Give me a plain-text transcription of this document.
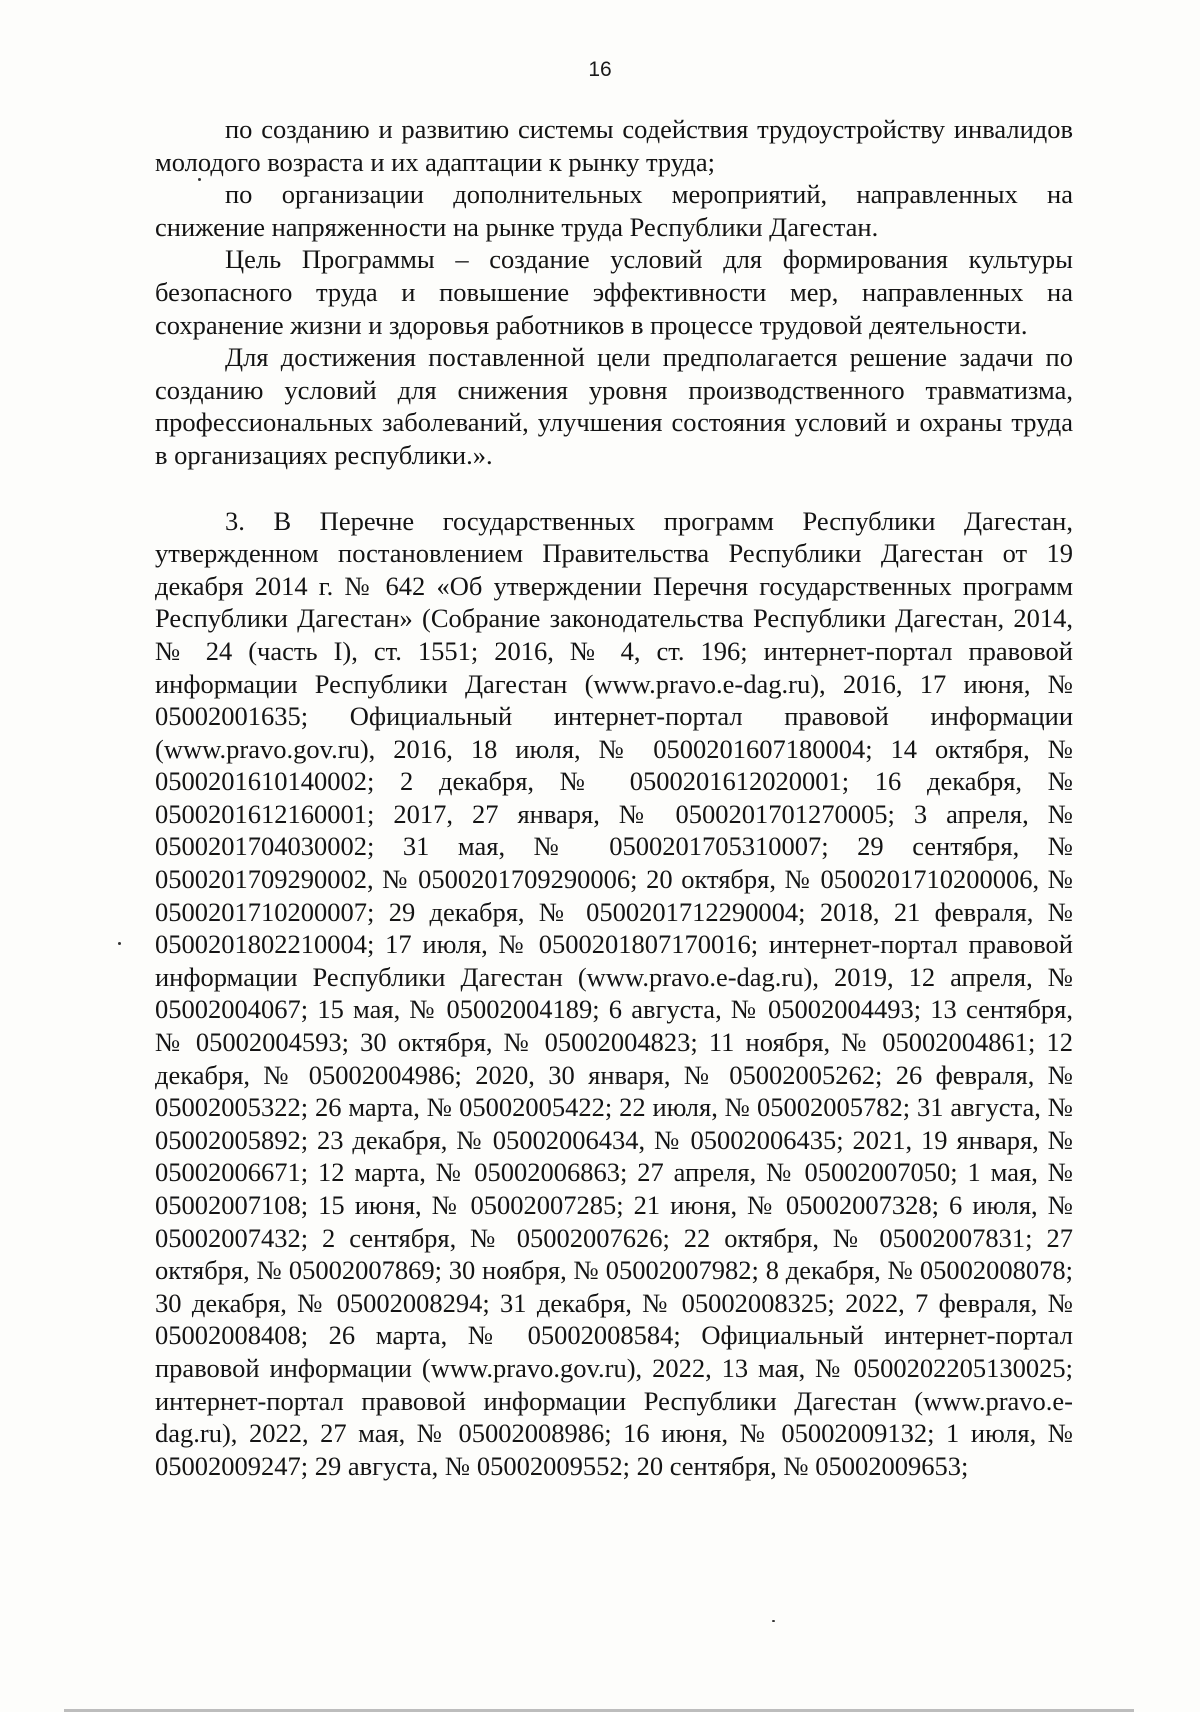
16

по созданию и развитию системы содействия трудоустройству инвалидов молодого возраста и их адаптации к рынку труда;

по организации дополнительных мероприятий, направленных на снижение напряженности на рынке труда Республики Дагестан.

Цель Программы – создание условий для формирования культуры безопасного труда и повышение эффективности мер, направленных на сохранение жизни и здоровья работников в процессе трудовой деятельности.

Для достижения поставленной цели предполагается решение задачи по созданию условий для снижения уровня производственного травматизма, профессиональных заболеваний, улучшения состояния условий и охраны труда в организациях республики.».

3. В Перечне государственных программ Республики Дагестан, утвержденном постановлением Правительства Республики Дагестан от 19 декабря 2014 г. № 642 «Об утверждении Перечня государственных программ Республики Дагестан» (Собрание законодательства Республики Дагестан, 2014, № 24 (часть I), ст. 1551; 2016, № 4, ст. 196; интернет-портал правовой информации Республики Дагестан (www.pravo.e-dag.ru), 2016, 17 июня, № 05002001635; Официальный интернет-портал правовой информации (www.pravo.gov.ru), 2016, 18 июля, № 0500201607180004; 14 октября, № 0500201610140002; 2 декабря, № 0500201612020001; 16 декабря, № 0500201612160001; 2017, 27 января, № 0500201701270005; 3 апреля, № 0500201704030002; 31 мая, № 0500201705310007; 29 сентября, № 0500201709290002, № 0500201709290006; 20 октября, № 0500201710200006, № 0500201710200007; 29 декабря, № 0500201712290004; 2018, 21 февраля, № 0500201802210004; 17 июля, № 0500201807170016; интернет-портал правовой информации Республики Дагестан (www.pravo.e-dag.ru), 2019, 12 апреля, № 05002004067; 15 мая, № 05002004189; 6 августа, № 05002004493; 13 сентября, № 05002004593; 30 октября, № 05002004823; 11 ноября, № 05002004861; 12 декабря, № 05002004986; 2020, 30 января, № 05002005262; 26 февраля, № 05002005322; 26 марта, № 05002005422; 22 июля, № 05002005782; 31 августа, № 05002005892; 23 декабря, № 05002006434, № 05002006435; 2021, 19 января, № 05002006671; 12 марта, № 05002006863; 27 апреля, № 05002007050; 1 мая, № 05002007108; 15 июня, № 05002007285; 21 июня, № 05002007328; 6 июля, № 05002007432; 2 сентября, № 05002007626; 22 октября, № 05002007831; 27 октября, № 05002007869; 30 ноября, № 05002007982; 8 декабря, № 05002008078; 30 декабря, № 05002008294; 31 декабря, № 05002008325; 2022, 7 февраля, № 05002008408; 26 марта, № 05002008584; Официальный интернет-портал правовой информации (www.pravo.gov.ru), 2022, 13 мая, № 0500202205130025; интернет-портал правовой информации Республики Дагестан (www.pravo.e-dag.ru), 2022, 27 мая, № 05002008986; 16 июня, № 05002009132; 1 июля, № 05002009247; 29 августа, № 05002009552; 20 сентября, № 05002009653;
